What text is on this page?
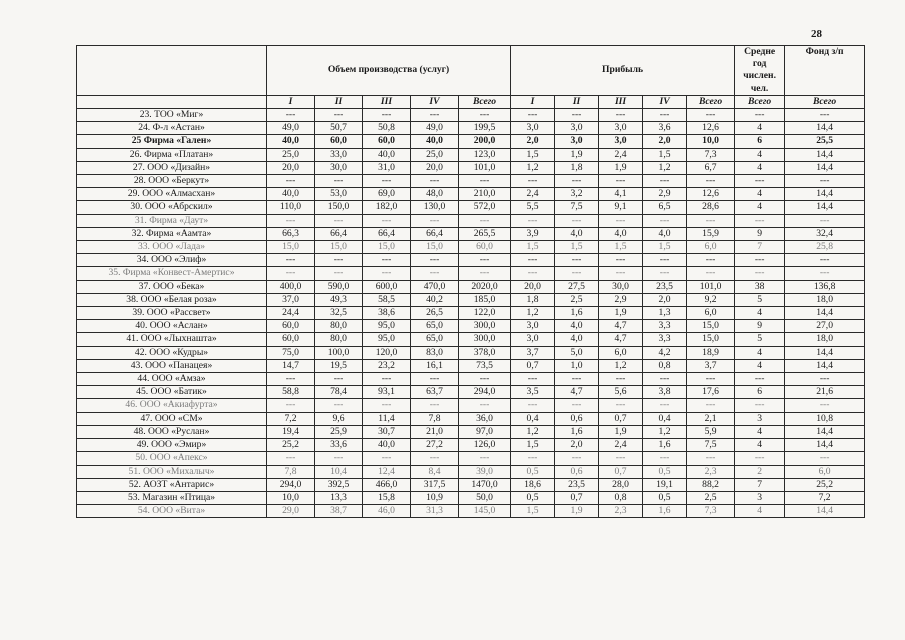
28
	Объем производства (услуг)					Прибыль					Средне год числен. чел.	Фонд з/п
	I	II	III	IV	Всего	I	II	III	IV	Всего	Всего	Всего
23. ТОО «Миг»	---	---	---	---	---	---	---	---	---	---	---	---
24. Ф-л «Астан»	49,0	50,7	50,8	49,0	199,5	3,0	3,0	3,0	3,6	12,6	4	14,4
25 Фирма «Гален»	40,0	60,0	60,0	40,0	200,0	2,0	3,0	3,0	2,0	10,0	6	25,5
26. Фирма «Платан»	25,0	33,0	40,0	25,0	123,0	1,5	1,9	2,4	1,5	7,3	4	14,4
27. ООО «Дизайн»	20,0	30,0	31,0	20,0	101,0	1,2	1,8	1,9	1,2	6,7	4	14,4
28. ООО «Беркут»	---	---	---	---	---	---	---	---	---	---	---	---
29. ООО «Алмасхан»	40,0	53,0	69,0	48,0	210,0	2,4	3,2	4,1	2,9	12,6	4	14,4
30. ООО «Абрскил»	110,0	150,0	182,0	130,0	572,0	5,5	7,5	9,1	6,5	28,6	4	14,4
31. Фирма «Даут»	---	---	---	---	---	---	---	---	---	---	---	---
32. Фирма «Аамта»	66,3	66,4	66,4	66,4	265,5	3,9	4,0	4,0	4,0	15,9	9	32,4
33. ООО «Лада»	15,0	15,0	15,0	15,0	60,0	1,5	1,5	1,5	1,5	6,0	7	25,8
34. ООО «Элиф»	---	---	---	---	---	---	---	---	---	---	---	---
35. Фирма «Конвест-Амертис»	---	---	---	---	---	---	---	---	---	---	---	---
37. ООО «Бека»	400,0	590,0	600,0	470,0	2020,0	20,0	27,5	30,0	23,5	101,0	38	136,8
38. ООО «Белая роза»	37,0	49,3	58,5	40,2	185,0	1,8	2,5	2,9	2,0	9,2	5	18,0
39. ООО «Рассвет»	24,4	32,5	38,6	26,5	122,0	1,2	1,6	1,9	1,3	6,0	4	14,4
40. ООО «Аслан»	60,0	80,0	95,0	65,0	300,0	3,0	4,0	4,7	3,3	15,0	9	27,0
41. ООО «Лыхнашта»	60,0	80,0	95,0	65,0	300,0	3,0	4,0	4,7	3,3	15,0	5	18,0
42. ООО «Кудры»	75,0	100,0	120,0	83,0	378,0	3,7	5,0	6,0	4,2	18,9	4	14,4
43. ООО «Панацея»	14,7	19,5	23,2	16,1	73,5	0,7	1,0	1,2	0,8	3,7	4	14,4
44. ООО «Амза»	---	---	---	---	---	---	---	---	---	---	---	---
45. ООО «Батик»	58,8	78,4	93,1	63,7	294,0	3,5	4,7	5,6	3,8	17,6	6	21,6
46. ООО «Акиафурта»	---	---	---	---	---	---	---	---	---	---	---	---
47. ООО «СМ»	7,2	9,6	11,4	7,8	36,0	0,4	0,6	0,7	0,4	2,1	3	10,8
48. ООО «Руслан»	19,4	25,9	30,7	21,0	97,0	1,2	1,6	1,9	1,2	5,9	4	14,4
49. ООО «Эмир»	25,2	33,6	40,0	27,2	126,0	1,5	2,0	2,4	1,6	7,5	4	14,4
50. ООО «Апекс»	---	---	---	---	---	---	---	---	---	---	---	---
51. ООО «Михалыч»	7,8	10,4	12,4	8,4	39,0	0,5	0,6	0,7	0,5	2,3	2	6,0
52. АОЗТ «Антарис»	294,0	392,5	466,0	317,5	1470,0	18,6	23,5	28,0	19,1	88,2	7	25,2
53. Магазин «Птица»	10,0	13,3	15,8	10,9	50,0	0,5	0,7	0,8	0,5	2,5	3	7,2
54. ООО «Вита»	29,0	38,7	46,0	31,3	145,0	1,5	1,9	2,3	1,6	7,3	4	14,4
